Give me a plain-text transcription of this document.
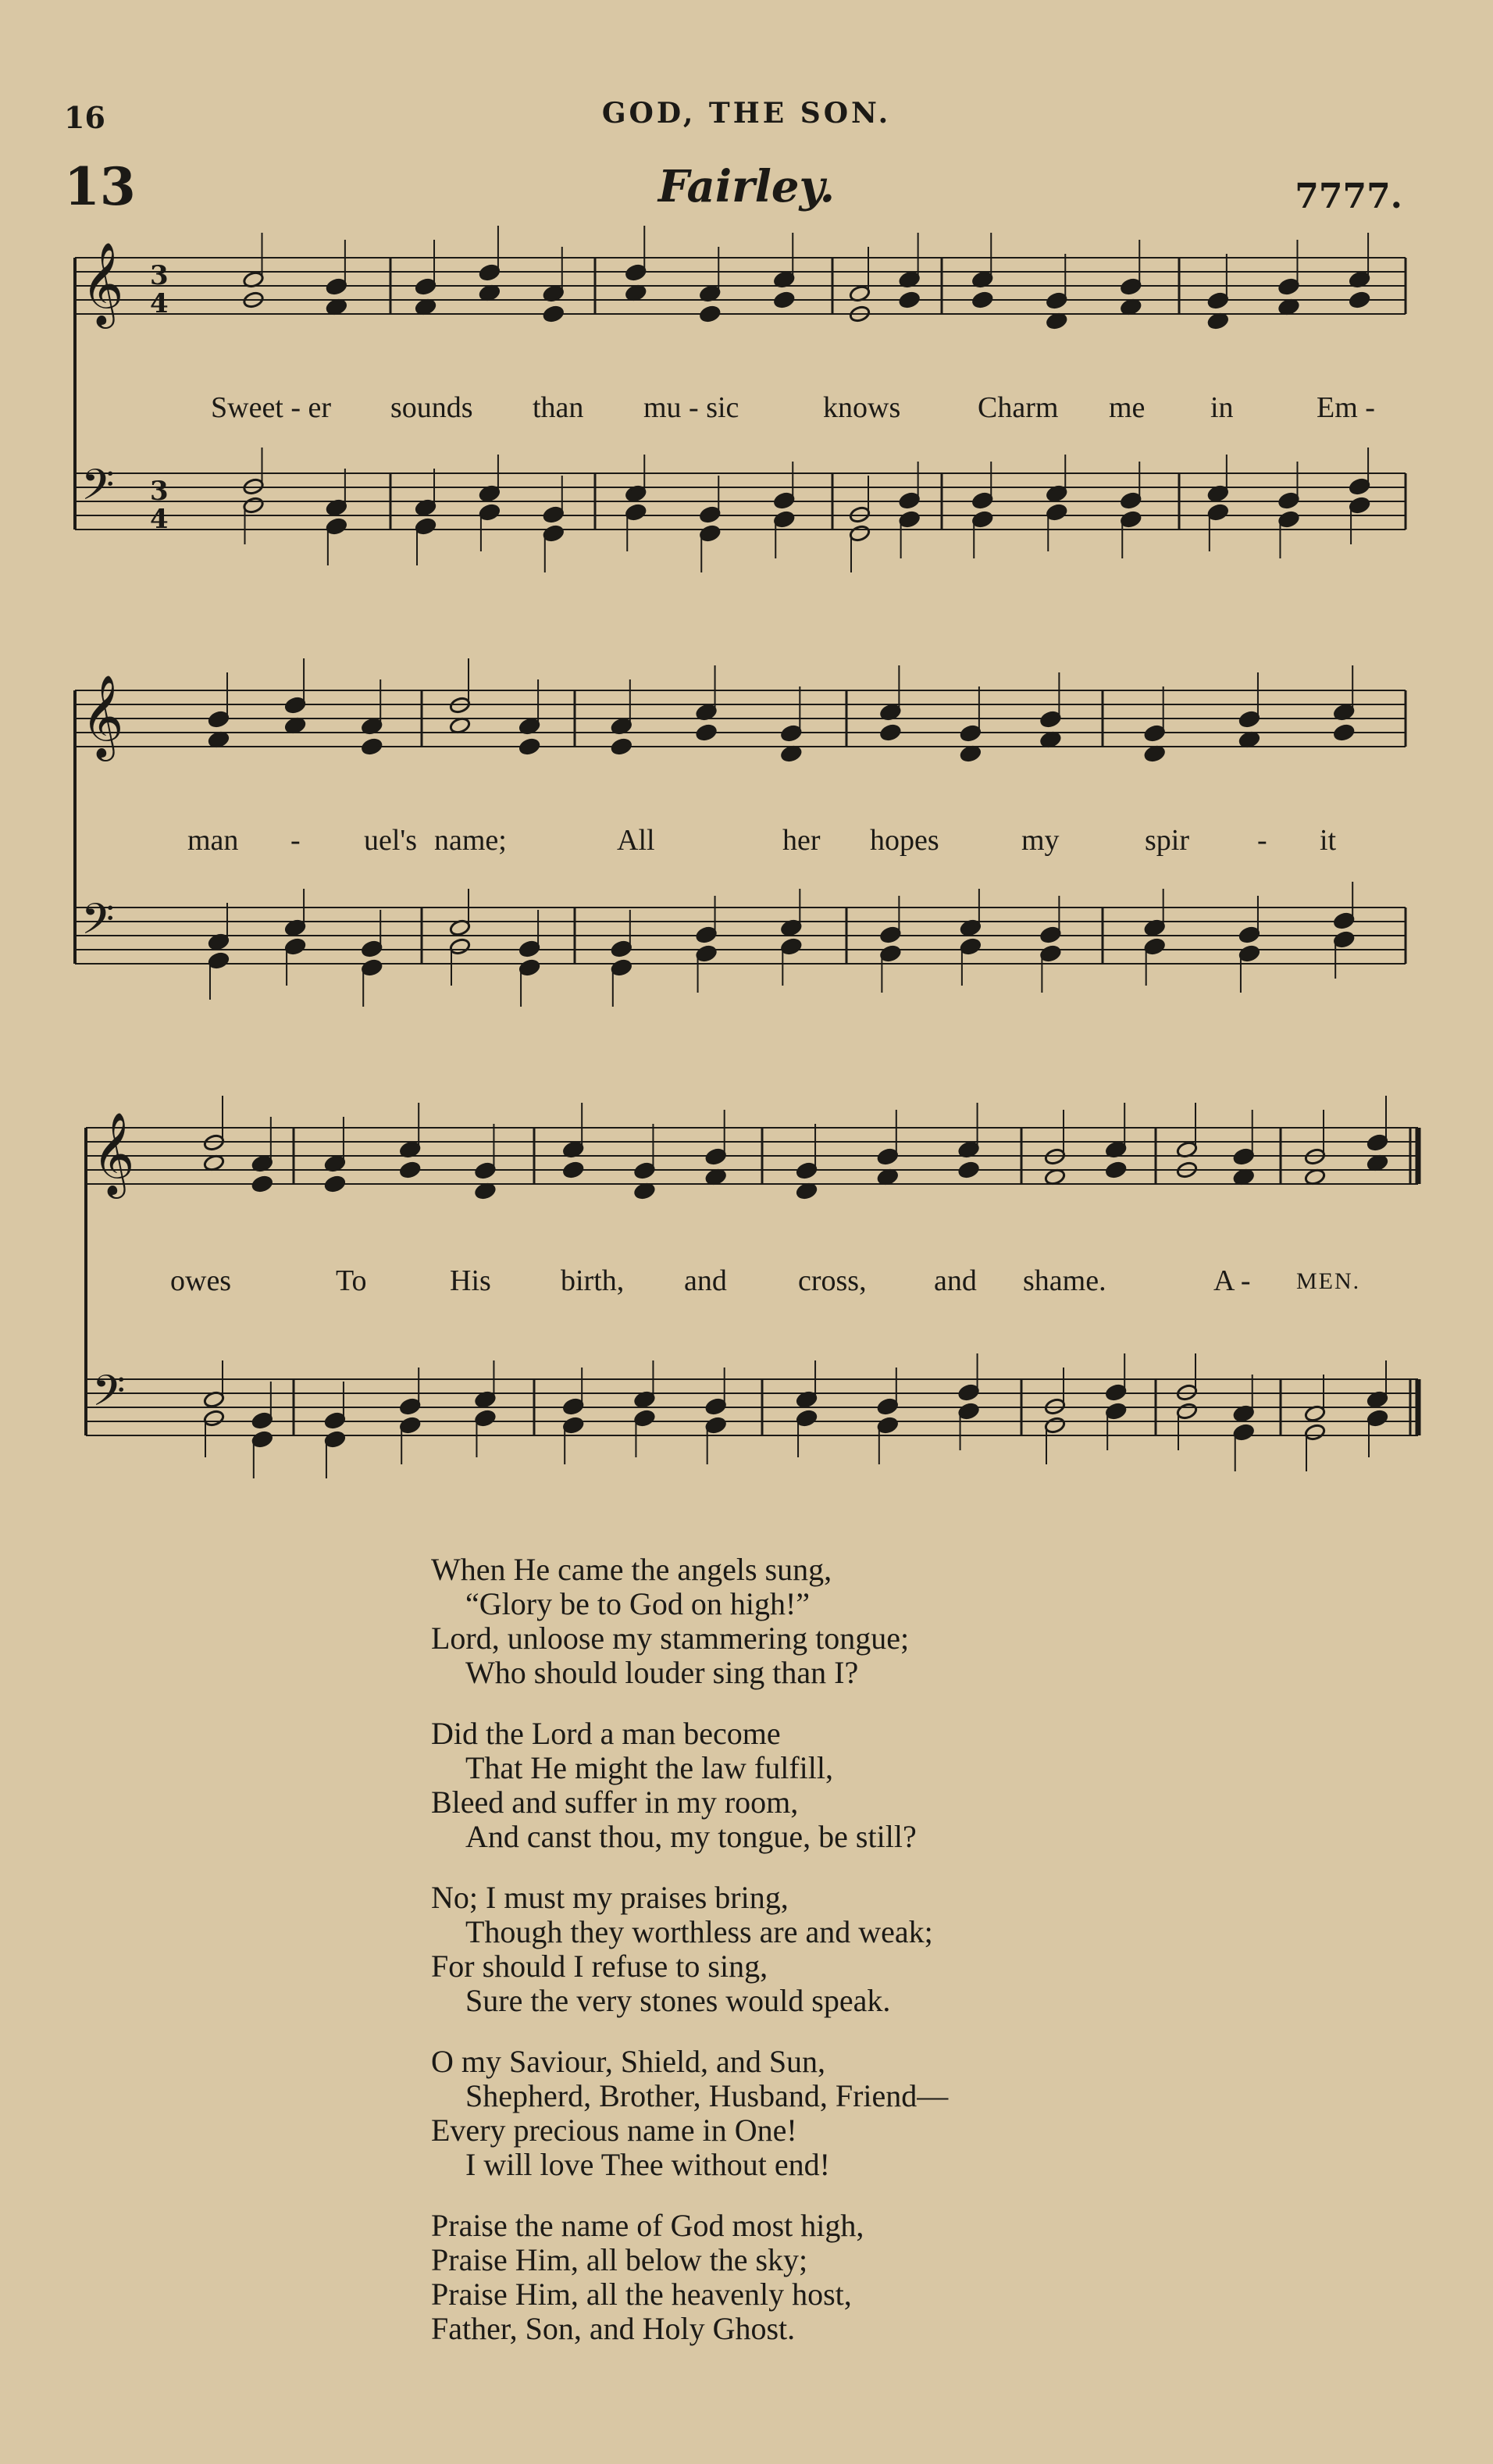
16	GOD, THE SON.
13	Fairley.	7777.
𝄞 3
4
𝄢 3
4
𝄞
𝄢
𝄞
𝄢
Sweet - er sounds than mu - sic	knows	Charm me in	Em -
man - uel's name;	All	her hopes	my	spir - it
owes	To	His birth, and cross, and shame.	A - MEN.
When He came the angels sung,
“Glory be to God on high!”
Lord, unloose my stammering tongue;
Who should louder sing than I?
Did the Lord a man become
That He might the law fulfill,
Bleed and suffer in my room,
And canst thou, my tongue, be still?
No; I must my praises bring,
Though they worthless are and weak;
For should I refuse to sing,
Sure the very stones would speak.
O my Saviour, Shield, and Sun,
Shepherd, Brother, Husband, Friend—
Every precious name in One!
I will love Thee without end!
Praise the name of God most high,
Praise Him, all below the sky;
Praise Him, all the heavenly host,
Father, Son, and Holy Ghost.
